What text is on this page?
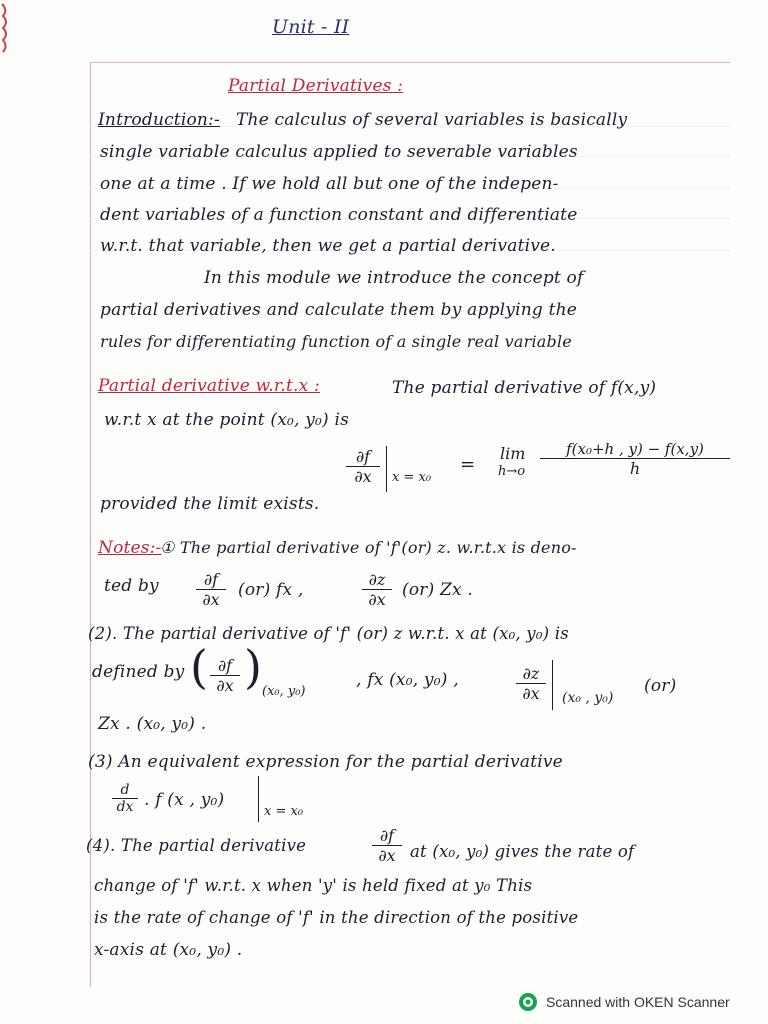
Unit - II
Partial Derivatives :
Introduction:- The calculus of several variables is basically
single variable calculus applied to severable variables
one at a time . If we hold all but one of the indepen-
dent variables of a function constant and differentiate
w.r.t. that variable, then we get a partial derivative.
In this module we introduce the concept of
partial derivatives and calculate them by applying the
rules for differentiating function of a single real variable
Partial derivative w.r.t.x :	The partial derivative of f(x,y)
w.r.t x at the point (x₀, y₀) is
$\frac{\partial f}{\partial x}$ x = x₀
=
lim
$h\to o \frac{\text{f(x₀+h , y) − f(x,y)}}{h}$
provided the limit exists.
Notes:-
① The partial derivative of 'f'(or) z. w.r.t.x is deno-
ted by $\frac{\partial f}{\partial x} (or)$ fx ,	$\frac{\partial z}{\partial x} (or)$ Zx .
(2). The partial derivative of 'f' (or) z w.r.t. x at (x₀, y₀) is
defined by ( $\frac{\partial f}{\partial x}$ ) (x₀, y₀)
, fx (x₀, y₀) ,	$\frac{\partial z}{\partial x} (x_0$ , y₀)
(or)
Zx . (x₀, y₀) .
(3) An equivalent expression for the partial derivative
$\frac{d}{dx}$ . f (x , y₀)
x = x₀
(4). The partial derivative	$\frac{\partial f}{\partial x}$ at (x₀, y₀) gives the rate of
change of 'f' w.r.t. x when 'y' is held fixed at y₀ This
is the rate of change of 'f' in the direction of the positive
x-axis at (x₀, y₀) .
Scanned with OKEN Scanner
